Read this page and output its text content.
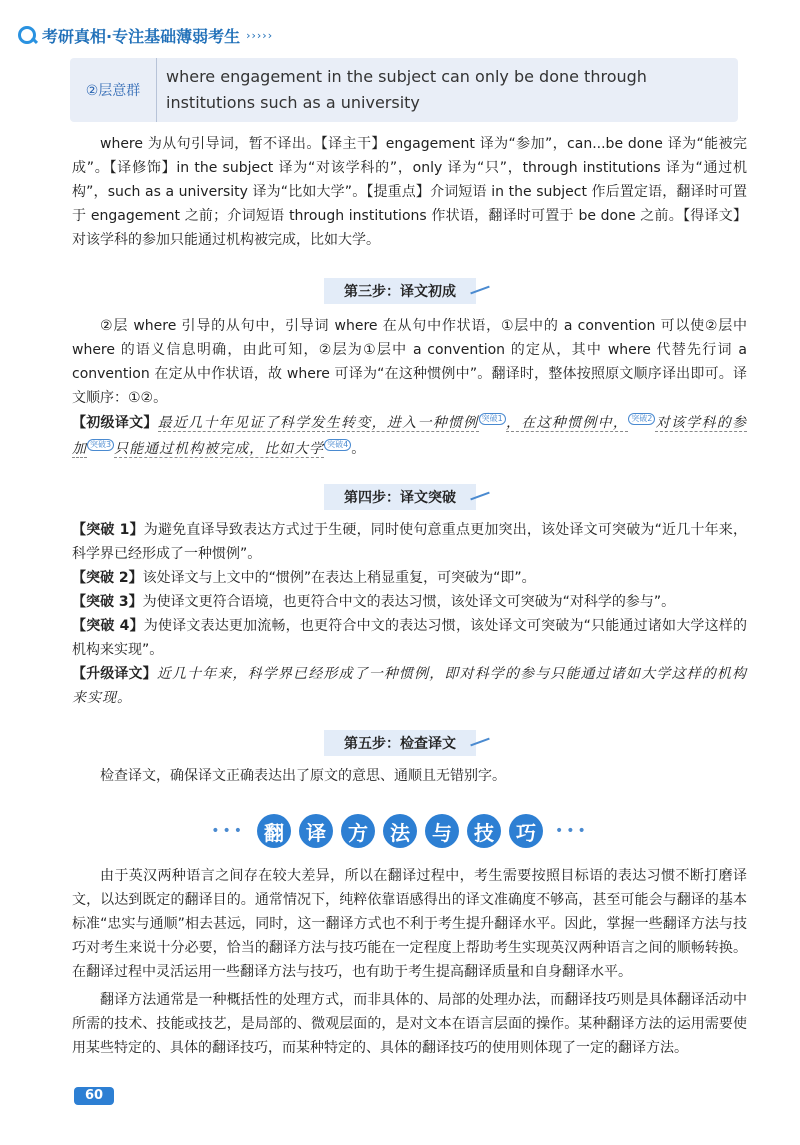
考研真相·专注基础薄弱考生 ›››››
②层意群
where engagement in the subject can only be done through institutions such as a university
where 为从句引导词，暂不译出。【译主干】engagement 译为“参加”，can...be done 译为“能被完成”。【译修饰】in the subject 译为“对该学科的”，only 译为“只”，through institutions 译为“通过机构”，such as a university 译为“比如大学”。【提重点】介词短语 in the subject 作后置定语，翻译时可置于 engagement 之前；介词短语 through institutions 作状语，翻译时可置于 be done 之前。【得译文】对该学科的参加只能通过机构被完成，比如大学。
第三步：译文初成
②层 where 引导的从句中，引导词 where 在从句中作状语，①层中的 a convention 可以使②层中 where 的语义信息明确，由此可知，②层为①层中 a convention 的定从，其中 where 代替先行词 a convention 在定从中作状语，故 where 可译为“在这种惯例中”。翻译时，整体按照原文顺序译出即可。译文顺序：①②。
【初级译文】最近几十年见证了科学发生转变，进入一种惯例 突破1 ，在这种惯例中， 突破2 对该学科的参加 突破3 只能通过机构被完成，比如大学 突破4 。
第四步：译文突破
【突破 1】为避免直译导致表达方式过于生硬，同时使句意重点更加突出，该处译文可突破为“近几十年来，科学界已经形成了一种惯例”。
【突破 2】该处译文与上文中的“惯例”在表达上稍显重复，可突破为“即”。
【突破 3】为使译文更符合语境，也更符合中文的表达习惯，该处译文可突破为“对科学的参与”。
【突破 4】为使译文表达更加流畅，也更符合中文的表达习惯，该处译文可突破为“只能通过诸如大学这样的机构来实现”。
【升级译文】近几十年来，科学界已经形成了一种惯例，即对科学的参与只能通过诸如大学这样的机构来实现。
第五步：检查译文
检查译文，确保译文正确表达出了原文的意思、通顺且无错别字。
••• 翻	译	方	法	与	技	巧	•••
由于英汉两种语言之间存在较大差异，所以在翻译过程中，考生需要按照目标语的表达习惯不断打磨译文，以达到既定的翻译目的。通常情况下，纯粹依靠语感得出的译文准确度不够高，甚至可能会与翻译的基本标准“忠实与通顺”相去甚远，同时，这一翻译方式也不利于考生提升翻译水平。因此，掌握一些翻译方法与技巧对考生来说十分必要，恰当的翻译方法与技巧能在一定程度上帮助考生实现英汉两种语言之间的顺畅转换。在翻译过程中灵活运用一些翻译方法与技巧，也有助于考生提高翻译质量和自身翻译水平。
翻译方法通常是一种概括性的处理方式，而非具体的、局部的处理办法，而翻译技巧则是具体翻译活动中所需的技术、技能或技艺，是局部的、微观层面的，是对文本在语言层面的操作。某种翻译方法的运用需要使用某些特定的、具体的翻译技巧，而某种特定的、具体的翻译技巧的使用则体现了一定的翻译方法。
60
